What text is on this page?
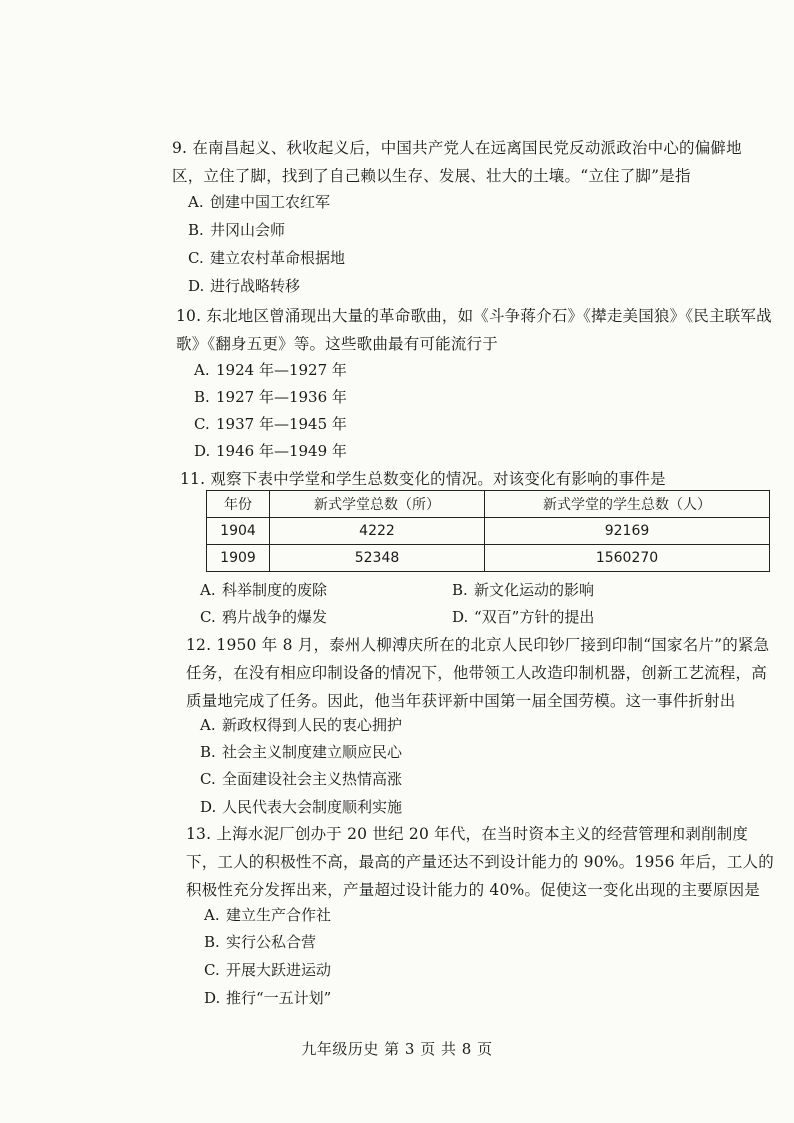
9. 在南昌起义、秋收起义后，中国共产党人在远离国民党反动派政治中心的偏僻地区，立住了脚，找到了自己赖以生存、发展、壮大的土壤。“立住了脚”是指
A. 创建中国工农红军
B. 井冈山会师
C. 建立农村革命根据地
D. 进行战略转移
10. 东北地区曾涌现出大量的革命歌曲，如《斗争蒋介石》《撵走美国狼》《民主联军战歌》《翻身五更》等。这些歌曲最有可能流行于
A. 1924 年—1927 年
B. 1927 年—1936 年
C. 1937 年—1945 年
D. 1946 年—1949 年
11. 观察下表中学堂和学生总数变化的情况。对该变化有影响的事件是
年份	新式学堂总数（所）	新式学堂的学生总数（人）
1904	4222	92169
1909	52348	1560270
A. 科举制度的废除	B. 新文化运动的影响
C. 鸦片战争的爆发	D. “双百”方针的提出
12. 1950 年 8 月，泰州人柳溥庆所在的北京人民印钞厂接到印制“国家名片”的紧急任务，在没有相应印制设备的情况下，他带领工人改造印制机器，创新工艺流程，高质量地完成了任务。因此，他当年获评新中国第一届全国劳模。这一事件折射出
A. 新政权得到人民的衷心拥护
B. 社会主义制度建立顺应民心
C. 全面建设社会主义热情高涨
D. 人民代表大会制度顺利实施
13. 上海水泥厂创办于 20 世纪 20 年代，在当时资本主义的经营管理和剥削制度下，工人的积极性不高，最高的产量还达不到设计能力的 90%。1956 年后，工人的积极性充分发挥出来，产量超过设计能力的 40%。促使这一变化出现的主要原因是
A. 建立生产合作社
B. 实行公私合营
C. 开展大跃进运动
D. 推行“一五计划”
九年级历史 第 3 页 共 8 页
